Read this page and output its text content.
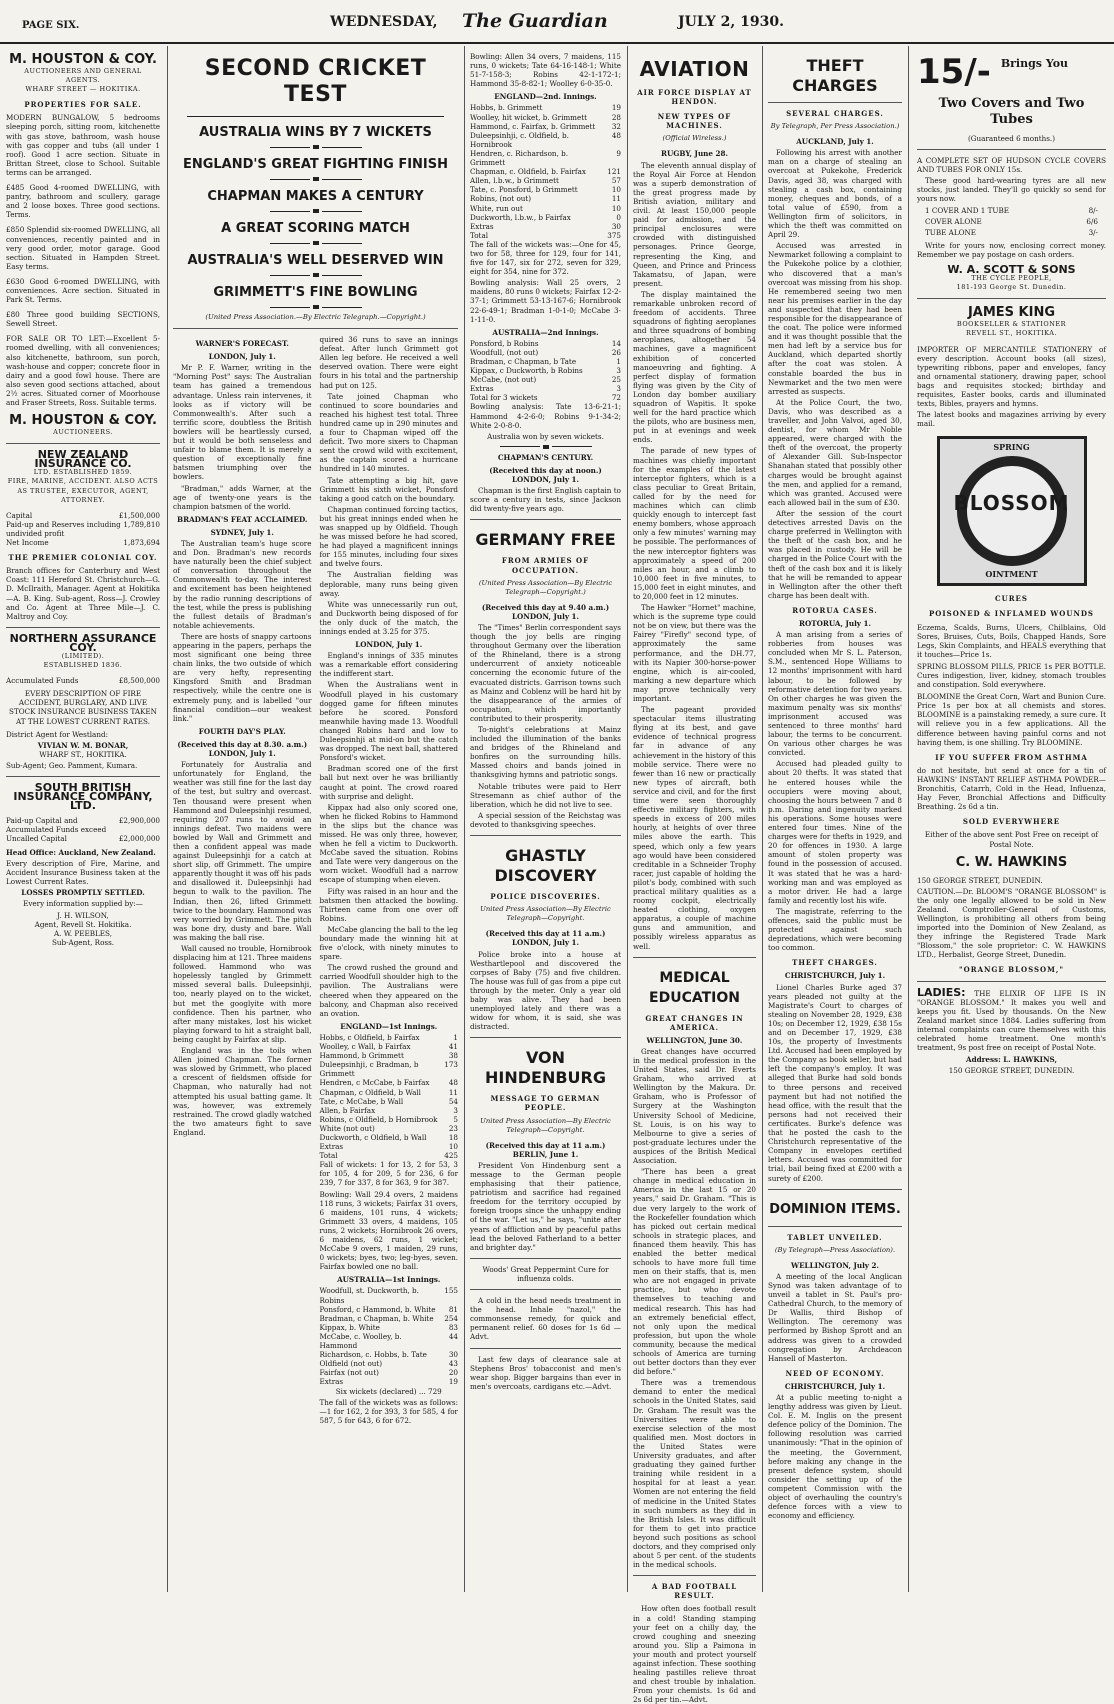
PAGE SIX.	WEDNESDAY, The Guardian	JULY 2, 1930.
M. HOUSTON & COY.
AUCTIONEERS AND GENERAL AGENTS.
WHARF STREET — HOKITIKA.
PROPERTIES FOR SALE.
MODERN BUNGALOW, 5 bedrooms sleeping porch, sitting room, kitchenette with gas stove, bathroom, wash house with gas copper and tubs (all under 1 roof). Good 1 acre section. Situate in Brittan Street, close to School. Suitable terms can be arranged.
£485 Good 4-roomed DWELLING, with pantry, bathroom and scullery, garage and 2 loose boxes. Three good sections. Terms.
£850 Splendid six-roomed DWELLING, all conveniences, recently painted and in very good order, motor garage. Good section. Situated in Hampden Street. Easy terms.
£630 Good 6-roomed DWELLING, with conveniences. Acre section. Situated in Park St. Terms.
£80 Three good building SECTIONS, Sewell Street.
FOR SALE OR TO LET:—Excellent 5-roomed dwelling, with all conveniences; also kitchenette, bathroom, sun porch, wash-house and copper; concrete floor in dairy and a good fowl house. There are also seven good sections attached, about 2½ acres. Situated corner of Moorhouse and Fraser Streets, Ross. Suitable terms.
M. HOUSTON & COY.
AUCTIONEERS.
NEW ZEALAND INSURANCE CO.
LTD. ESTABLISHED 1859.
FIRE, MARINE, ACCIDENT. ALSO ACTS AS TRUSTEE, EXECUTOR, AGENT, ATTORNEY.
Capital	£1,500,000
Paid-up and Reserves including undivided profit
1,789,810
Net Income	1,873,694
THE PREMIER COLONIAL COY.

Branch offices for Canterbury and West Coast: 111 Hereford St. Christchurch—G. D. McIlraith, Manager. Agent at Hokitika—A. B. King. Sub-agent, Ross—J. Crowley and Co. Agent at Three Mile—J. C. Maltroy and Coy.

NORTHERN ASSURANCE COY.
(LIMITED).
ESTABLISHED 1836.
Accumulated Funds	£8,500,000

EVERY DESCRIPTION OF FIRE ACCIDENT, BURGLARY, AND LIVE STOCK INSURANCE BUSINESS TAKEN AT THE LOWEST CURRENT RATES.

District Agent for Westland:

VIVIAN W. M. BONAR,
WHARF ST., HOKITIKA.

Sub-Agent; Geo. Pamment, Kumara.

SOUTH BRITISH INSURANCE COMPANY, LTD.
Paid-up Capital and Accumulated Funds exceed
£2,900,000
Uncalled Capital	£2,000,000

Head Office: Auckland, New Zealand.

Every description of Fire, Marine, and Accident Insurance Business taken at the Lowest Current Rates.

LOSSES PROMPTLY SETTLED.

Every information supplied by:—

J. H. WILSON,
Agent, Revell St. Hokitika.
A. W. PEEBLES,
Sub-Agent, Ross.
SECOND CRICKET TEST
AUSTRALIA WINS BY 7 WICKETS
ENGLAND'S GREAT FIGHTING FINISH
CHAPMAN MAKES A CENTURY
A GREAT SCORING MATCH
AUSTRALIA'S WELL DESERVED WIN
GRIMMETT'S FINE BOWLING

(United Press Association.—By Electric Telegraph.—Copyright.)

WARNER'S FORECAST.
LONDON, July 1.

Mr P. F. Warner, writing in the "Morning Post" says: The Australian team has gained a tremendous advantage. Unless rain intervenes, it looks as if victory will be Commonwealth's. After such a terrific score, doubtless the British bowlers will be heartlessly cursed, but it would be both senseless and unfair to blame them. It is merely a question of exceptionally fine batsmen triumphing over the bowlers.

"Bradman," adds Warner, at the age of twenty-one years is the champion batsmen of the world.

BRADMAN'S FEAT ACCLAIMED.
SYDNEY, July 1.

The Australian team's huge score and Don. Bradman's new records have naturally been the chief subject of conversation throughout the Commonwealth to-day. The interest and excitement has been heightened by the radio running descriptions of the test, while the press is publishing the fullest details of Bradman's notable achievements.

There are hosts of snappy cartoons appearing in the papers, perhaps the most significant one being three chain links, the two outside of which are very hefty, representing Kingsford Smith and Bradman respectively, while the centre one is extremely puny, and is labelled "our financial condition—our weakest link."

FOURTH DAY'S PLAY.
(Received this day at 8.30. a.m.) LONDON, July 1.

Fortunately for Australia and unfortunately for England, the weather was still fine for the last day of the test, but sultry and overcast. Ten thousand were present when Hammond and Duleepsinhji resumed, requiring 207 runs to avoid an innings defeat. Two maidens were bowled by Wall and Grimmett and then a confident appeal was made against Duleepsinhji for a catch at short slip, off Grimmett. The umpire apparently thought it was off his pads and disallowed it. Duleepsinhji had begun to walk to the pavilion. The Indian, then 26, lifted Grimmett twice to the boundary. Hammond was very worried by Grimmett. The pitch was bone dry, dusty and bare. Wall was making the ball rise.

Wall caused no trouble, Hornibrook displacing him at 121. Three maidens followed. Hammond who was hopelessly tangled by Grimmett missed several balls. Duleepsinhji, too, nearly played on to the wicket, but met the googlyite with more confidence. Then his partner, who after many mistakes, lost his wicket playing forward to hit a straight ball, being caught by Fairfax at slip.

England was in the toils when Allen joined Chapman. The former was slowed by Grimmett, who placed a crescent of fieldsmen offside for Chapman, who naturally had not attempted his usual batting game. It was, however, was extremely restrained. The crowd gladly watched the two amateurs fight to save England.

quired 36 runs to save an innings defeat. After lunch Grimmett got Allen leg before. He received a well deserved ovation. There were eight fours in his total and the partnership had put on 125.

Tate joined Chapman who continued to score boundaries and reached his highest test total. Three hundred came up in 290 minutes and a four to Chapman wiped off the deficit. Two more sixers to Chapman sent the crowd wild with excitement, as the captain scored a hurricane hundred in 140 minutes.

Tate attempting a big hit, gave Grimmett his sixth wicket, Ponsford taking a good catch on the boundary.

Chapman continued forcing tactics, but his great innings ended when he was snapped up by Oldfield. Though he was missed before he had scored, he had played a magnificent innings for 155 minutes, including four sixes and twelve fours.

The Australian fielding was deplorable, many runs being given away.

White was unnecessarily run out, and Duckworth being disposed of for the only duck of the match, the innings ended at 3.25 for 375.

LONDON, July 1.

England's innings of 335 minutes was a remarkable effort considering the indifferent start.

When the Australians went in Woodfull played in his customary dogged game for fifteen minutes before he scored. Ponsford meanwhile having made 13. Woodfull changed Robins hard and low to Duleepsinhji at mid-on but the catch was dropped. The next ball, shattered Ponsford's wicket.

Bradman scored one of the first ball but next over he was brilliantly caught at point. The crowd roared with surprise and delight.

Kippax had also only scored one, when he flicked Robins to Hammond in the slips but the chance was missed. He was only three, however, when he fell a victim to Duckworth. McCabe saved the situation. Robins and Tate were very dangerous on the worn wicket. Woodfull had a narrow escape of stumping when eleven.

Fifty was raised in an hour and the batsmen then attacked the bowling. Thirteen came from one over off Robins.

McCabe glancing the ball to the leg boundary made the winning hit at five o'clock, with ninety minutes to spare.

The crowd rushed the ground and carried Woodfull shoulder high to the pavilion. The Australians were cheered when they appeared on the balcony, and Chapman also received an ovation.

ENGLAND—1st Innings.
Hobbs, c Oldfield, b Fairfax	1
Woolley, c Wall, b Fairfax	41
Hammond, b Grimmett	38
Duleepsinhji, c Bradman, b Grimmett
173
Hendren, c McCabe, b Fairfax	48
Chapman, c Oldfield, b Wall	11
Tate, c McCabe, b Wall	54
Allen, b Fairfax	3
Robins, c Oldfield, b Hornibrook	5
White (not out)	23
Duckworth, c Oldfield, b Wall	18
Extras	10
Total	425

Fall of wickets: 1 for 13, 2 for 53, 3 for 105, 4 for 209, 5 for 236, 6 for 239, 7 for 337, 8 for 363, 9 for 387.

Bowling: Wall 29.4 overs, 2 maidens 118 runs, 3 wickets; Fairfax 31 overs, 6 maidens, 101 runs, 4 wickets; Grimmett 33 overs, 4 maidens, 105 runs, 2 wickets; Hornibrook 26 overs, 6 maidens, 62 runs, 1 wicket; McCabe 9 overs, 1 maiden, 29 runs, 0 wickets; byes, two; leg-byes, seven. Fairfax bowled one no ball.

AUSTRALIA—1st Innings.
Woodfull, st. Duckworth, b. Robins
155
Ponsford, c Hammond, b. White	81
Bradman, c Chapman, b. White	254
Kippax, b. White	83
McCabe, c. Woolley, b. Hammond
44
Richardson, c. Hobbs, b. Tate	30
Oldfield (not out)	43
Fairfax (not out)	20
Extras	19

Six wickets (declared) ... 729

The fall of the wickets was as follows:—1 for 162, 2 for 393, 3 for 585, 4 for 587, 5 for 643, 6 for 672.

Bowling: Allen 34 overs, 7 maidens, 115 runs, 0 wickets; Tate 64-16-148-1; White 51-7-158-3; Robins 42-1-172-1; Hammond 35-8-82-1; Woolley 6-0-35-0.

ENGLAND—2nd. Innings.
Hobbs, b. Grimmett	19
Woolley, hit wicket, b. Grimmett	28
Hammond, c. Fairfax, b. Grimmett	32
Duleepsinhji, c. Oldfield, b. Hornibrook
48
Hendren, c. Richardson, b. Grimmett
9
Chapman, c. Oldfield, b. Fairfax	121
Allen, l.b.w., b Grimmett	57
Tate, c. Ponsford, b Grimmett	10
Robins, (not out)	11
White, run out	10
Duckworth, l.b.w., b Fairfax	0
Extras	30
Total	375

The fall of the wickets was:—One for 45, two for 58, three for 129, four for 141, five for 147, six for 272, seven for 329, eight for 354, nine for 372.

Bowling analysis: Wall 25 overs, 2 maidens, 80 runs 0 wickets; Fairfax 12-2-37-1; Grimmett 53-13-167-6; Hornibrook 22-6-49-1; Bradman 1-0-1-0; McCabe 3-1-11-0.

AUSTRALIA—2nd Innings.
Ponsford, b Robins	14
Woodfull, (not out)	26
Bradman, c Chapman, b Tate	1
Kippax, c Duckworth, b Robins	3
McCabe, (not out)	25
Extras	3
Total for 3 wickets	72

Bowling analysis: Tate 13-6-21-1; Hammond 4-2-6-0; Robins 9-1-34-2; White 2-0-8-0.

Australia won by seven wickets.

CHAPMAN'S CENTURY.
(Received this day at noon.) LONDON, July 1.

Chapman is the first English captain to score a century in tests, since Jackson did twenty-five years ago.

GERMANY FREE
FROM ARMIES OF OCCUPATION.

(United Press Association—By Electric Telegraph—Copyright.)

(Received this day at 9.40 a.m.) LONDON, July 1.

The "Times" Berlin correspondent says though the joy bells are ringing throughout Germany over the liberation of the Rhineland, there is a strong undercurrent of anxiety noticeable concerning the economic future of the evacuated districts. Garrison towns such as Mainz and Coblenz will be hard hit by the disappearance of the armies of occupation, which importantly contributed to their prosperity.

To-night's celebrations at Mainz included the illumination of the banks and bridges of the Rhineland and bonfires on the surrounding hills. Massed choirs and bands joined in thanksgiving hymns and patriotic songs.

Notable tributes were paid to Herr Stresemann as chief author of the liberation, which he did not live to see.

A special session of the Reichstag was devoted to thanksgiving speeches.

GHASTLY DISCOVERY
POLICE DISCOVERIES.

United Press Association—By Electric Telegraph—Copyright.

(Received this day at 11 a.m.) LONDON, July 1.

Police broke into a house at Westhartlepool and discovered the corpses of Baby (75) and five children. The house was full of gas from a pipe cut through by the meter. Only a year old baby was alive. They had been unemployed lately and there was a widow for whom, it is said, she was distracted.

VON HINDENBURG
MESSAGE TO GERMAN PEOPLE.

United Press Association—By Electric Telegraph—Copyright.

(Received this day at 11 a.m.) BERLIN, June 1.

President Von Hindenburg sent a message to the German people emphasising that their patience, patriotism and sacrifice had regained freedom for the territory occupied by foreign troops since the unhappy ending of the war. "Let us," he says, "unite after years of affliction and by peaceful paths lead the beloved Fatherland to a better and brighter day."

Woods' Great Peppermint Cure for influenza colds.

A cold in the head needs treatment in the head. Inhale "nazol," the commonsense remedy, for quick and permanent relief. 60 doses for 1s 6d —Advt.

Last few days of clearance sale at Stephens Bros' tobacconist and men's wear shop. Bigger bargains than ever in men's overcoats, cardigans etc.—Advt.

AVIATION
AIR FORCE DISPLAY AT HENDON.
NEW TYPES OF MACHINES.

(Official Wireless.)

RUGBY, June 28.

The eleventh annual display of the Royal Air Force at Hendon was a superb demonstration of the great progress made by British aviation, military and civil. At least 150,000 people paid for admission, and the principal enclosures were crowded with distinguished personages. Prince George, representing the King, and Queen, and Prince and Princess Takamatsu, of Japan, were present.

The display maintained the remarkable unbroken record of freedom of accidents. Three squadrons of fighting aeroplanes and three squadrons of bombing aeroplanes, altogether 54 machines, gave a magnificent exhibition of concerted manoeuvring and fighting. A perfect display of formation flying was given by the City of London day bomber auxiliary squadron of Wapitis. It spoke well for the hard practice which the pilots, who are business men, put in at evenings and week ends.

The parade of new types of machines was chiefly important for the examples of the latest interceptor fighters, which is a class peculiar to Great Britain, called for by the need for machines which can climb quickly enough to intercept fast enemy bombers, whose approach only a few minutes' warning may be possible. The performances of the new interceptor fighters was approximately a speed of 200 miles an hour, and a climb to 10,000 feet in five minutes, to 15,000 feet in eight minutes, and to 20,000 feet in 12 minutes.

The Hawker "Hornet" machine, which is the supreme type could not be on view, but there was the Fairey "Firefly" second type, of approximately the same performance, and the DH.77, with its Napier 300-horse-power engine, which is air-cooled, marking a new departure which may prove technically very important.

The pageant provided spectacular items illustrating flying at its best, and gave evidence of technical progress far in advance of any achievement in the history of this mobile service. There were no fewer than 16 new or practically new types of aircraft, both service and civil, and for the first time were seen thoroughly effective military fighters, with speeds in excess of 200 miles hourly, at heights of over three miles above the earth. This speed, which only a few years ago would have been considered creditable in a Schneider Trophy racer, just capable of holding the pilot's body, combined with such practical military qualities as a roomy cockpit, electrically heated clothing, oxygen apparatus, a couple of machine guns and ammunition, and possibly wireless apparatus as well.

MEDICAL EDUCATION
GREAT CHANGES IN AMERICA.
WELLINGTON, June 30.

Great changes have occurred in the medical profession in the United States, said Dr. Everts Graham, who arrived at Wellington by the Makura. Dr. Graham, who is Professor of Surgery at the Washington University School of Medicine, St. Louis, is on his way to Melbourne to give a series of post-graduate lectures under the auspices of the British Medical Association.

"There has been a great change in medical education in America in the last 15 or 20 years," said Dr. Graham. "This is due very largely to the work of the Rockefeller foundation which has picked out certain medical schools in strategic places, and financed them heavily. This has enabled the better medical schools to have more full time men on their staffs, that is, men who are not engaged in private practice, but who devote themselves to teaching and medical research. This has had an extremely beneficial effect, not only upon the medical profession, but upon the whole community, because the medical schools of America are turning out better doctors than they ever did before."

There was a tremendous demand to enter the medical schools in the United States, said Dr. Graham. The result was the Universities were able to exercise selection of the most qualified men. Most doctors in the United States were University graduates, and after graduating they gained further training while resident in a hospital for at least a year. Women are not entering the field of medicine in the United States in such numbers as they did in the British Isles. It was difficult for them to get into practice beyond such positions as school doctors, and they comprised only about 5 per cent. of the students in the medical schools.

A BAD FOOTBALL RESULT.

How often does football result in a cold! Standing stamping your feet on a chilly day, the crowd coughing and sneezing around you. Slip a Paimona in your mouth and protect yourself against infection. These soothing healing pastilles relieve throat and chest trouble by inhalation. From your chemists. 1s 6d and 2s 6d per tin.—Advt.

THEFT CHARGES
SEVERAL CHARGES.

By Telegraph, Per Press Association.)

AUCKLAND, July 1.

Following his arrest with another man on a charge of stealing an overcoat at Pukekohe, Frederick Davis, aged 38, was charged with stealing a cash box, containing money, cheques and bonds, of a total value of £590, from a Wellington firm of solicitors, in which the theft was committed on April 29.

Accused was arrested in Newmarket following a complaint to the Pukekohe police by a clothier, who discovered that a man's overcoat was missing from his shop. He remembered seeing two men near his premises earlier in the day and suspected that they had been responsible for the disappearance of the coat. The police were informed and it was thought possible that the men had left by a service bus for Auckland, which departed shortly after the coat was stolen. A constable boarded the bus in Newmarket and the two men were arrested as suspects.

At the Police Court, the two, Davis, who was described as a traveller, and John Valvoi, aged 30, dentist, for whom Mr Noble appeared, were charged with the theft of the overcoat, the property of Alexander Gill. Sub-Inspector Shanahan stated that possibly other charges would be brought against the men, and applied for a remand, which was granted. Accused were each allowed bail in the sum of £30.

After the session of the court detectives arrested Davis on the charge preferred in Wellington with the theft of the cash box, and he was placed in custody. He will be charged in the Police Court with the theft of the cash box and it is likely that he will be remanded to appear in Wellington after the other theft charge has been dealt with.

ROTORUA CASES.
ROTORUA, July 1.

A man arising from a series of robberies from houses was concluded when Mr S. L. Paterson, S.M., sentenced Hope Williams to 12 months' imprisonment with hard labour, to be followed by reformative detention for two years. On other charges he was given the maximum penalty was six months' imprisonment accused was sentenced to three months' hard labour, the terms to be concurrent. On various other charges he was convicted.

Accused had pleaded guilty to about 20 thefts. It was stated that he entered houses while the occupiers were moving about, choosing the hours between 7 and 8 p.m. Daring and ingenuity marked his operations. Some houses were entered four times. Nine of the charges were for thefts in 1929, and 20 for offences in 1930. A large amount of stolen property was found in the possession of accused. It was stated that he was a hard-working man and was employed as a motor driver. He had a large family and recently lost his wife.

The magistrate, referring to the offences, said the public must be protected against such depredations, which were becoming too common.

THEFT CHARGES.
CHRISTCHURCH, July 1.

Lionel Charles Burke aged 37 years pleaded not guilty at the Magistrate's Court to charges of stealing on November 28, 1929, £38 10s; on December 12, 1929, £38 15s and on December 17, 1929, £38 10s, the property of Investments Ltd. Accused had been employed by the Company as book seller, but had left the company's employ. It was alleged that Burke had sold bonds to three persons and received payment but had not notified the head office, with the result that the persons had not received their certificates. Burke's defence was that he posted the cash to the Christchurch representative of the Company in envelopes certified letters. Accused was committed for trial, bail being fixed at £200 with a surety of £200.

DOMINION ITEMS.
TABLET UNVEILED.

(By Telegraph—Press Association).

WELLINGTON, July 2.

A meeting of the local Anglican Synod was taken advantage of to unveil a tablet in St. Paul's pro-Cathedral Church, to the memory of Dr Wallis, third Bishop of Wellington. The ceremony was performed by Bishop Sprott and an address was given to a crowded congregation by Archdeacon Hansell of Masterton.

NEED OF ECONOMY.
CHRISTCHURCH, July 1.

At a public meeting to-night a lengthy address was given by Lieut. Col. E. M. Inglis on the present defence policy of the Dominion. The following resolution was carried unanimously: "That in the opinion of the meeting, the Government, before making any change in the present defence system, should consider the setting up of the competent Commission with the object of overhauling the country's defence forces with a view to economy and efficiency.

15/- Brings You
Two Covers and Two Tubes

(Guaranteed 6 months.)

A COMPLETE SET OF HUDSON CYCLE COVERS AND TUBES FOR ONLY 15s.

These good hard-wearing tyres are all new stocks, just landed. They'll go quickly so send for yours now.

1 COVER AND 1 TUBE	8/-
COVER ALONE	6/6
TUBE ALONE	3/-

Write for yours now, enclosing correct money. Remember we pay postage on cash orders.

W. A. SCOTT & SONS
THE CYCLE PEOPLE,
181-193 George St. Dunedin.
JAMES KING
BOOKSELLER & STATIONER
REVELL ST., HOKITIKA.

IMPORTER OF MERCANTILE STATIONERY of every description. Account books (all sizes), typewriting ribbons, paper and envelopes, fancy and ornamental stationery, drawing paper, school bags and requisites stocked; birthday and requisites, Easter books, cards and illuminated texts, Bibles, prayers and hymns.

The latest books and magazines arriving by every mail.

SPRING
BLOSSOM
OINTMENT
CURES
POISONED & INFLAMED WOUNDS

Eczema, Scalds, Burns, Ulcers, Chilblains, Old Sores, Bruises, Cuts, Boils, Chapped Hands, Sore Legs, Skin Complaints, and HEALS everything that it touches—Price 1s.

SPRING BLOSSOM PILLS, PRICE 1s PER BOTTLE. Cures indigestion, liver, kidney, stomach troubles and constipation. Sold everywhere.

BLOOMINE the Great Corn, Wart and Bunion Cure. Price 1s per box at all chemists and stores. BLOOMINE is a painstaking remedy, a sure cure. It will relieve you in a few applications. All the difference between having painful corns and not having them, is one shilling. Try BLOOMINE.

IF YOU SUFFER FROM ASTHMA

do not hesitate, but send at once for a tin of HAWKINS' INSTANT RELIEF ASTHMA POWDER—Bronchitis, Catarrh, Cold in the Head, Influenza, Hay Fever, Bronchial Affections and Difficulty Breathing. 2s 6d a tin.

SOLD EVERYWHERE

Either of the above sent Post Free on receipt of Postal Note.

C. W. HAWKINS

150 GEORGE STREET, DUNEDIN.

CAUTION.—Dr. BLOOM'S "ORANGE BLOSSOM" is the only one legally allowed to be sold in New Zealand. Comptroller-General of Customs, Wellington, is prohibiting all others from being imported into the Dominion of New Zealand, as they infringe the Registered Trade Mark "Blossom," the sole proprietor: C. W. HAWKINS LTD., Herbalist, George Street, Dunedin.

"ORANGE BLOSSOM,"

LADIES: THE ELIXIR OF LIFE IS IN "ORANGE BLOSSOM." It makes you well and keeps you fit. Used by thousands. On the New Zealand market since 1884. Ladies suffering from internal complaints can cure themselves with this celebrated home treatment. One month's treatment, 9s post free on receipt of Postal Note.

Address: L. HAWKINS,

150 GEORGE STREET, DUNEDIN.
